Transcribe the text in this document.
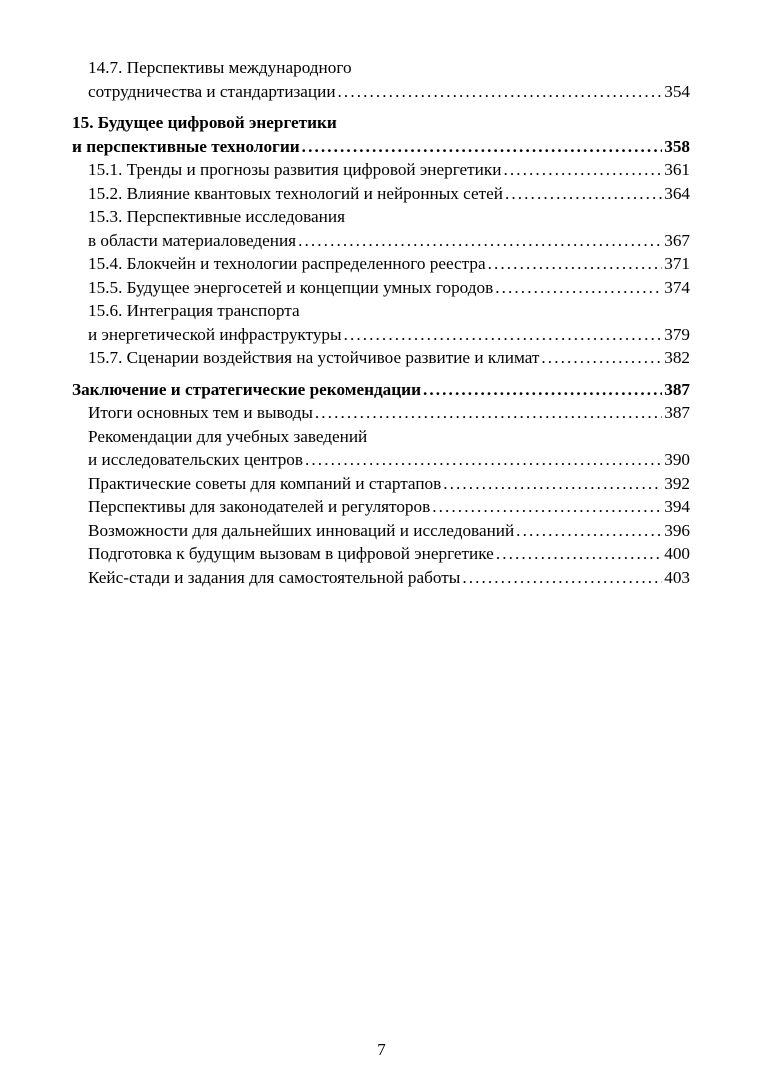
14.7. Перспективы международного
сотрудничества и стандартизации . . .	354
15. Будущее цифровой энергетики
и перспективные технологии . . .	358
15.1. Тренды и прогнозы развития цифровой энергетики . . .	361
15.2. Влияние квантовых технологий и нейронных сетей . . .	364
15.3. Перспективные исследования
в области материаловедения . . .	367
15.4. Блокчейн и технологии распределенного реестра . . .	371
15.5. Будущее энергосетей и концепции умных городов . . .	374
15.6. Интеграция транспорта
и энергетической инфраструктуры . . .	379
15.7. Сценарии воздействия на устойчивое развитие и климат . . .	382
Заключение и стратегические рекомендации . . .	387
Итоги основных тем и выводы . . .	387
Рекомендации для учебных заведений
и исследовательских центров . . .	390
Практические советы для компаний и стартапов . . .	392
Перспективы для законодателей и регуляторов . . .	394
Возможности для дальнейших инноваций и исследований . . .	396
Подготовка к будущим вызовам в цифровой энергетике . . .	400
Кейс-стади и задания для самостоятельной работы . . .	403
7
